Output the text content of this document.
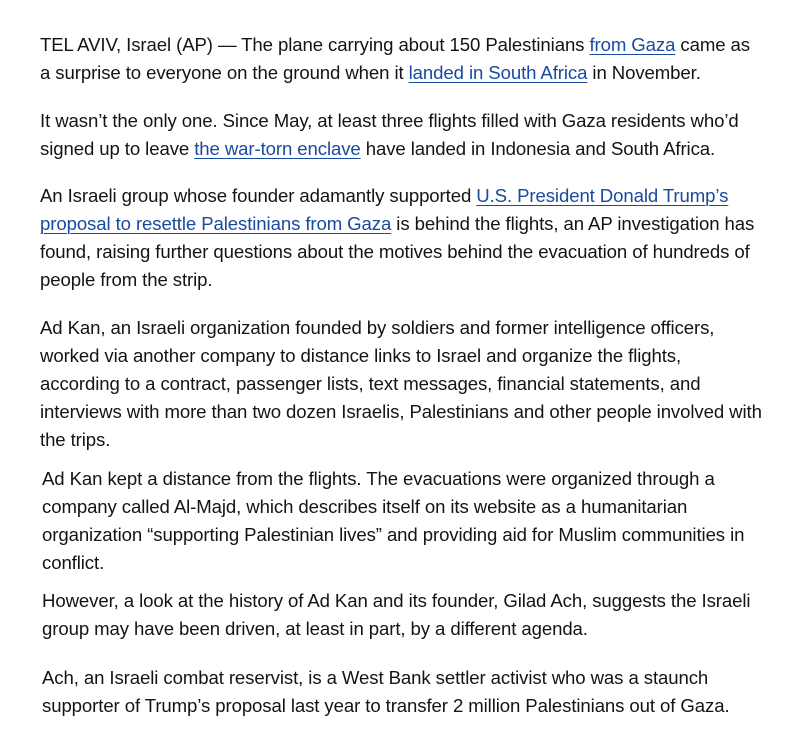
TEL AVIV, Israel (AP) — The plane carrying about 150 Palestinians from Gaza came as a surprise to everyone on the ground when it landed in South Africa in November.

It wasn’t the only one. Since May, at least three flights filled with Gaza residents who’d signed up to leave the war-torn enclave have landed in Indonesia and South Africa.

An Israeli group whose founder adamantly supported U.S. President Donald Trump’s proposal to resettle Palestinians from Gaza is behind the flights, an AP investigation has found, raising further questions about the motives behind the evacuation of hundreds of people from the strip.

Ad Kan, an Israeli organization founded by soldiers and former intelligence officers, worked via another company to distance links to Israel and organize the flights, according to a contract, passenger lists, text messages, financial statements, and interviews with more than two dozen Israelis, Palestinians and other people involved with the trips.

Ad Kan kept a distance from the flights. The evacuations were organized through a company called Al-Majd, which describes itself on its website as a humanitarian organization “supporting Palestinian lives” and providing aid for Muslim communities in conflict.

However, a look at the history of Ad Kan and its founder, Gilad Ach, suggests the Israeli group may have been driven, at least in part, by a different agenda.

Ach, an Israeli combat reservist, is a West Bank settler activist who was a staunch supporter of Trump’s proposal last year to transfer 2 million Palestinians out of Gaza.
